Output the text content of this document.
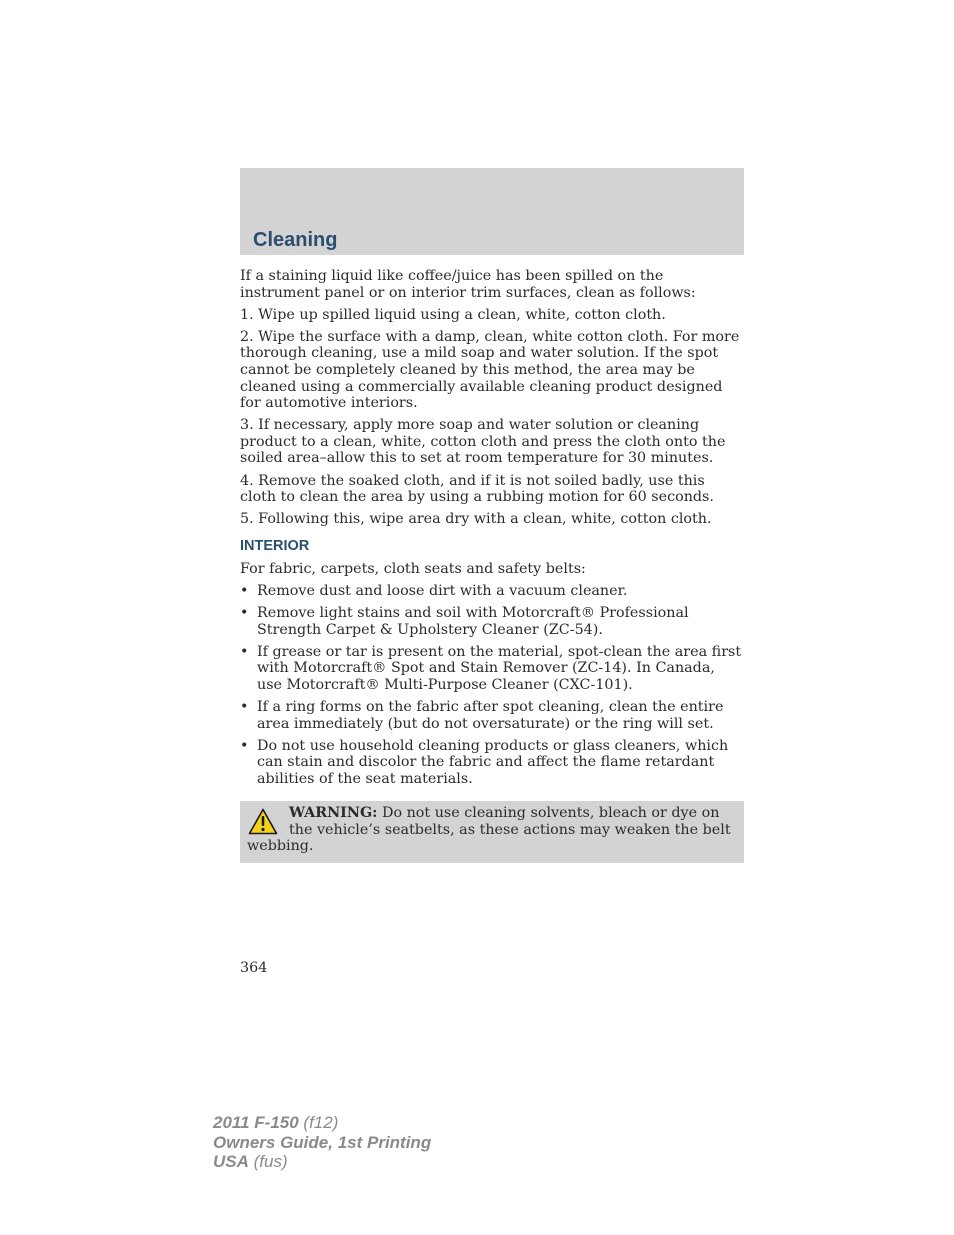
Cleaning

If a staining liquid like coffee/juice has been spilled on the instrument panel or on interior trim surfaces, clean as follows:

1. Wipe up spilled liquid using a clean, white, cotton cloth.

2. Wipe the surface with a damp, clean, white cotton cloth. For more thorough cleaning, use a mild soap and water solution. If the spot cannot be completely cleaned by this method, the area may be cleaned using a commercially available cleaning product designed for automotive interiors.

3. If necessary, apply more soap and water solution or cleaning product to a clean, white, cotton cloth and press the cloth onto the soiled area–allow this to set at room temperature for 30 minutes.

4. Remove the soaked cloth, and if it is not soiled badly, use this cloth to clean the area by using a rubbing motion for 60 seconds.

5. Following this, wipe area dry with a clean, white, cotton cloth.

INTERIOR

For fabric, carpets, cloth seats and safety belts:

• Remove dust and loose dirt with a vacuum cleaner.
• Remove light stains and soil with Motorcraft® Professional Strength Carpet & Upholstery Cleaner (ZC-54).
• If grease or tar is present on the material, spot-clean the area first with Motorcraft® Spot and Stain Remover (ZC-14). In Canada, use Motorcraft® Multi-Purpose Cleaner (CXC-101).
• If a ring forms on the fabric after spot cleaning, clean the entire area immediately (but do not oversaturate) or the ring will set.
• Do not use household cleaning products or glass cleaners, which can stain and discolor the fabric and affect the flame retardant abilities of the seat materials.
WARNING: Do not use cleaning solvents, bleach or dye on the vehicle’s seatbelts, as these actions may weaken the belt webbing.
364
2011 F-150 (f12)
Owners Guide, 1st Printing
USA (fus)
